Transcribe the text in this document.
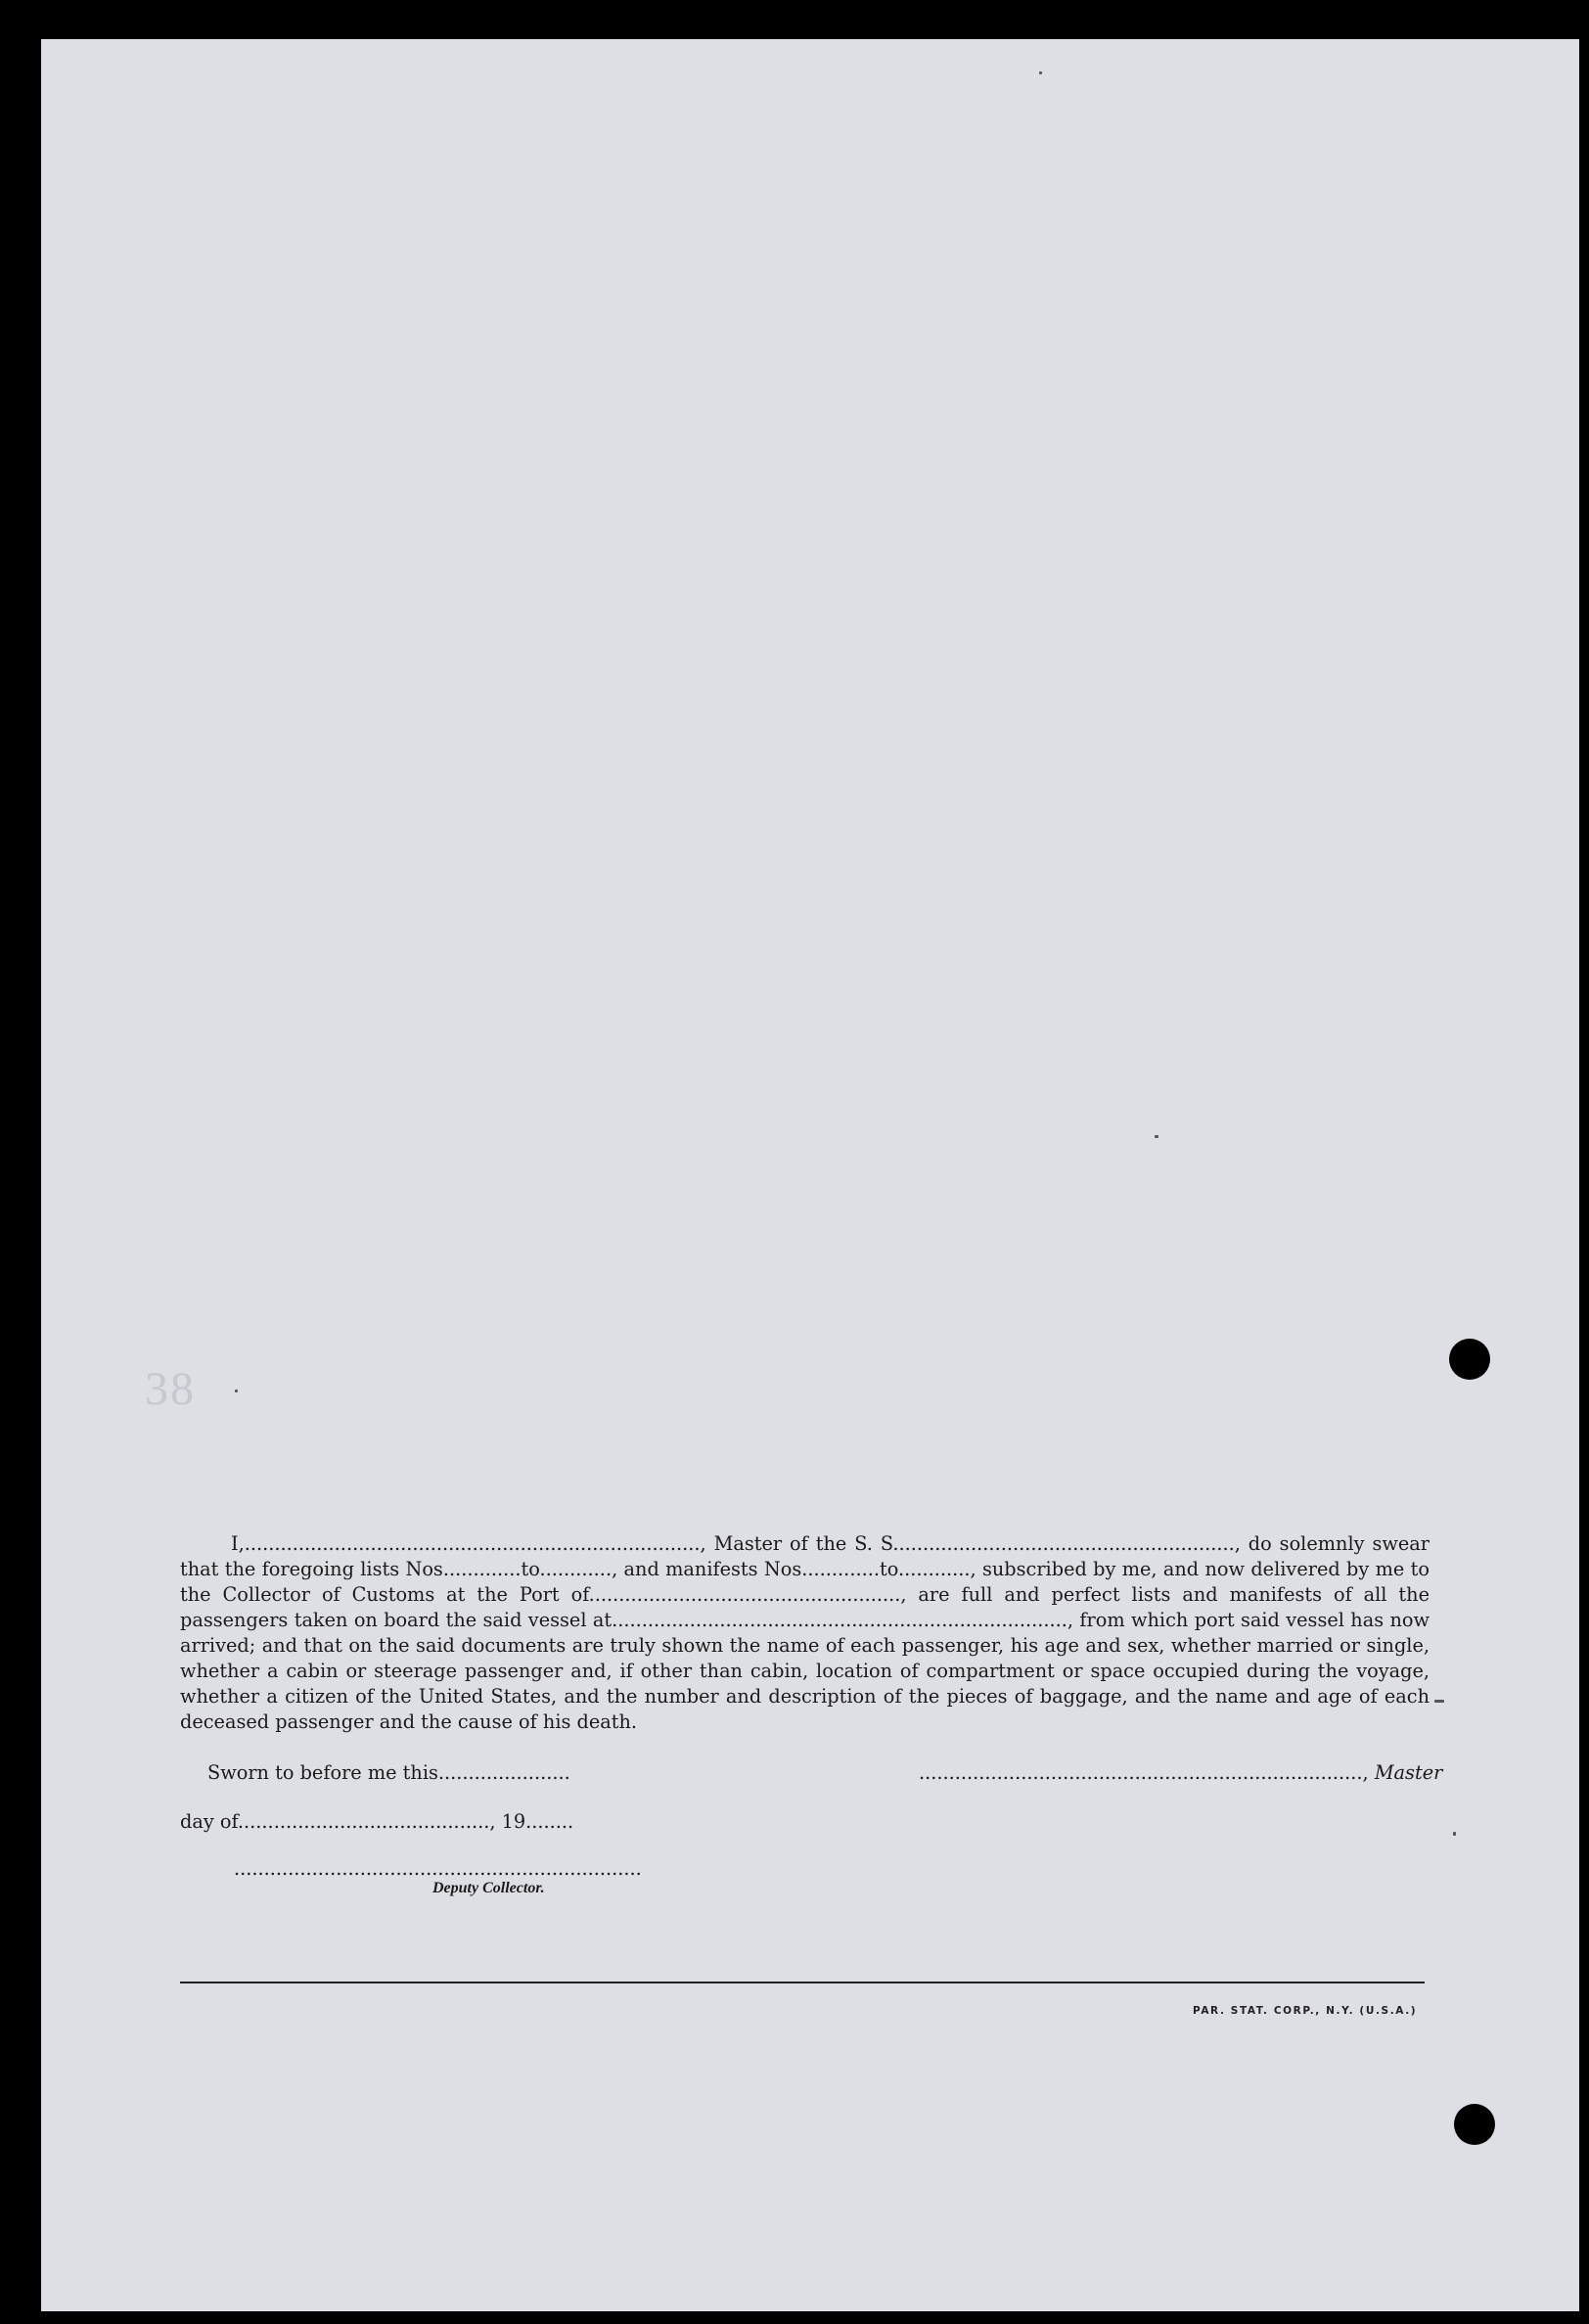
38

I,............................................................................, Master of the S. S........................................................., do solemnly swear that the foregoing lists Nos.............to............, and manifests Nos.............to............, subscribed by me, and now delivered by me to the Collector of Customs at the Port of...................................................., are full and perfect lists and manifests of all the passengers taken on board the said vessel at............................................................................, from which port said vessel has now arrived; and that on the said documents are truly shown the name of each passenger, his age and sex, whether married or single, whether a cabin or steerage passenger and, if other than cabin, location of compartment or space occupied during the voyage, whether a citizen of the United States, and the number and description of the pieces of baggage, and the name and age of each deceased passenger and the cause of his death.

Sworn to before me this......................	.........................................................................., Master
day of.........................................., 19........
....................................................................
Deputy Collector.
PAR. STAT. CORP., N.Y. (U.S.A.)
